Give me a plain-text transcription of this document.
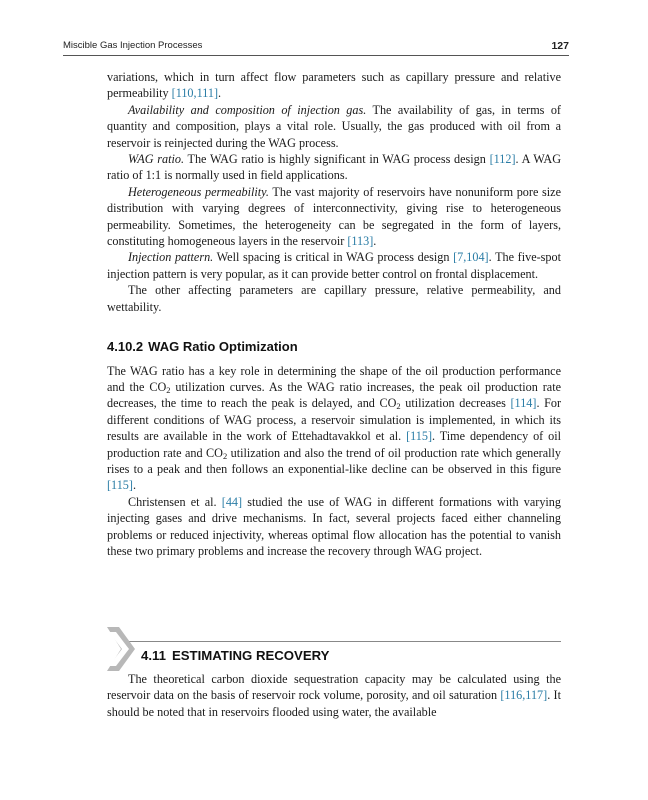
Miscible Gas Injection Processes	127

variations, which in turn affect flow parameters such as capillary pressure and relative permeability [110,111].

Availability and composition of injection gas. The availability of gas, in terms of quantity and composition, plays a vital role. Usually, the gas produced with oil from a reservoir is reinjected during the WAG process.

WAG ratio. The WAG ratio is highly significant in WAG process design [112]. A WAG ratio of 1:1 is normally used in field applications.

Heterogeneous permeability. The vast majority of reservoirs have nonuniform pore size distribution with varying degrees of interconnectivity, giving rise to heterogeneous permeability. Sometimes, the heterogeneity can be segregated in the form of layers, constituting homogeneous layers in the reservoir [113].

Injection pattern. Well spacing is critical in WAG process design [7,104]. The five-spot injection pattern is very popular, as it can provide better control on frontal displacement.

The other affecting parameters are capillary pressure, relative permeability, and wettability.

4.10.2 WAG Ratio Optimization

The WAG ratio has a key role in determining the shape of the oil production performance and the $CO_2$ utilization curves. As the WAG ratio increases, the peak oil production rate decreases, the time to reach the peak is delayed, and $CO_2$ utilization decreases [114]. For different conditions of WAG process, a reservoir simulation is implemented, in which its results are available in the work of Ettehadtavakkol et al. [115]. Time dependency of oil production rate and $CO_2$ utilization and also the trend of oil production rate which generally rises to a peak and then follows an exponential-like decline can be observed in this figure [115].

Christensen et al. [44] studied the use of WAG in different formations with varying injecting gases and drive mechanisms. In fact, several projects faced either channeling problems or reduced injectivity, whereas optimal flow allocation has the potential to vanish these two primary problems and increase the recovery through WAG project.

4.11 ESTIMATING RECOVERY

The theoretical carbon dioxide sequestration capacity may be calculated using the reservoir data on the basis of reservoir rock volume, porosity, and oil saturation [116,117]. It should be noted that in reservoirs flooded using water, the available
